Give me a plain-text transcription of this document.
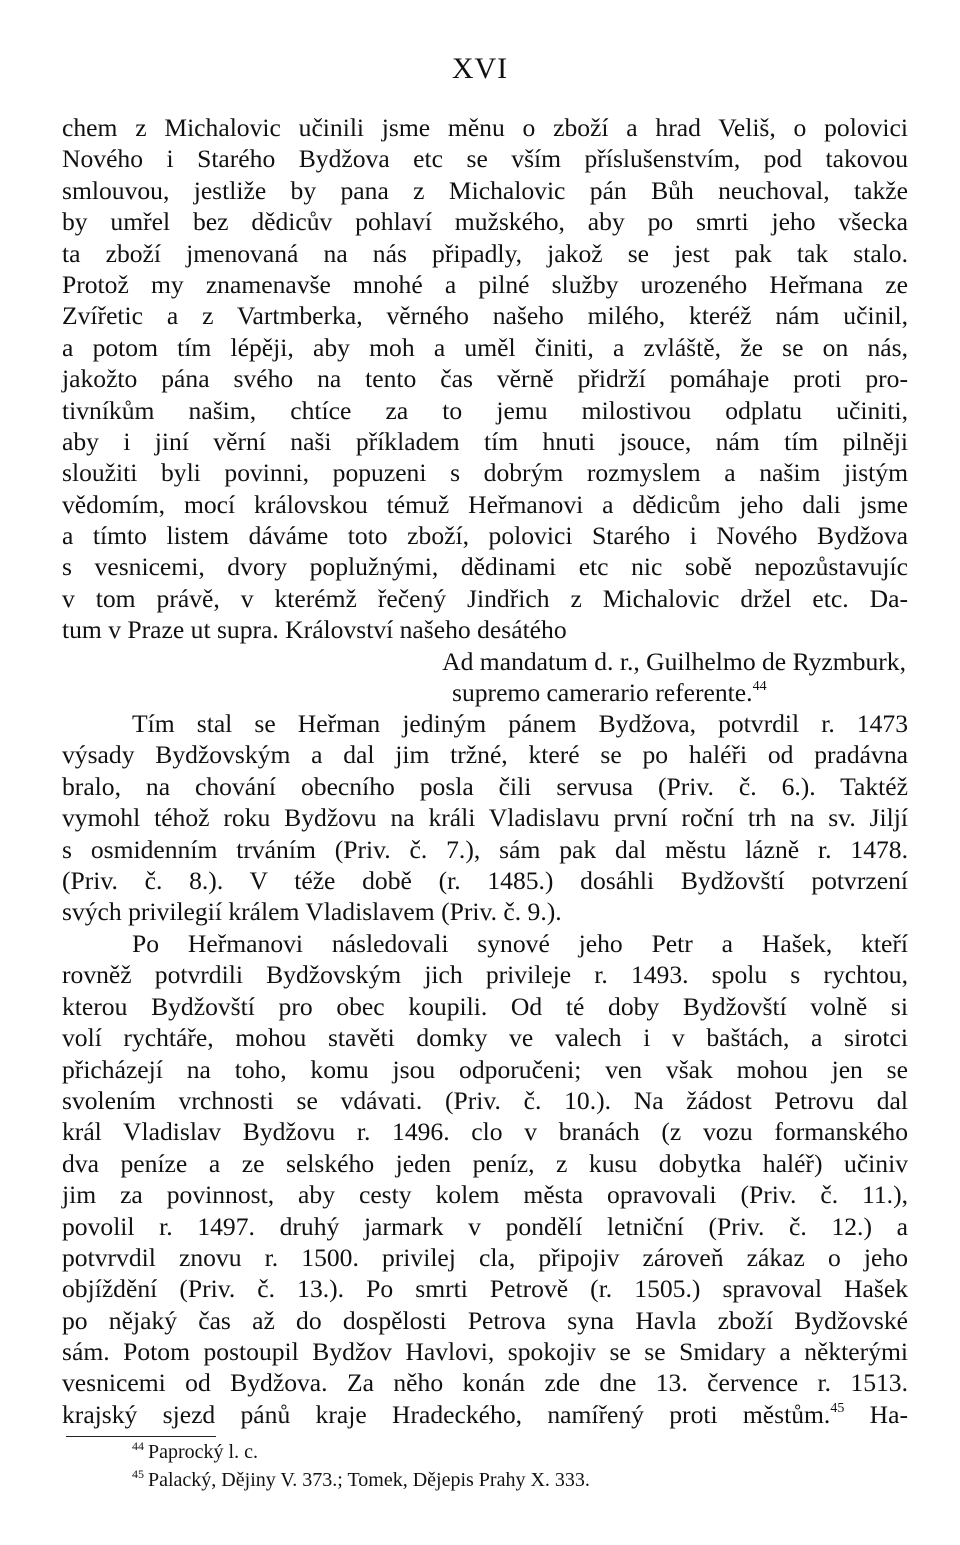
XVI
chem z Michalovic učinili jsme měnu o zboží a hrad Veliš, o polovici
Nového i Starého Bydžova etc se vším příslušenstvím, pod takovou
smlouvou, jestliže by pana z Michalovic pán Bůh neuchoval, takže
by umřel bez dědicův pohlaví mužského, aby po smrti jeho všecka
ta zboží jmenovaná na nás připadly, jakož se jest pak tak stalo.
Protož my znamenavše mnohé a pilné služby urozeného Heřmana ze
Zvířetic a z Vartmberka, věrného našeho milého, kteréž nám učinil,
a potom tím lépěji, aby moh a uměl činiti, a zvláště, že se on nás,
jakožto pána svého na tento čas věrně přidrží pomáhaje proti pro-
tivníkům našim, chtíce za to jemu milostivou odplatu učiniti,
aby i jiní věrní naši příkladem tím hnuti jsouce, nám tím pilněji
sloužiti byli povinni, popuzeni s dobrým rozmyslem a našim jistým
vědomím, mocí královskou témuž Heřmanovi a dědicům jeho dali jsme
a tímto listem dáváme toto zboží, polovici Starého i Nového Bydžova
s vesnicemi, dvory poplužnými, dědinami etc nic sobě nepozůstavujíc
v tom právě, v kterémž řečený Jindřich z Michalovic držel etc. Da-
tum v Praze ut supra. Království našeho desátého
Ad mandatum d. r., Guilhelmo de Ryzmburk,
supremo camerario referente.$^{44}$
Tím stal se Heřman jediným pánem Bydžova, potvrdil r. 1473
výsady Bydžovským a dal jim tržné, které se po haléři od pradávna
bralo, na chování obecního posla čili servusa (Priv. č. 6.). Taktéž
vymohl téhož roku Bydžovu na králi Vladislavu první roční trh na sv. Jiljí
s osmidenním trváním (Priv. č. 7.), sám pak dal městu lázně r. 1478.
(Priv. č. 8.). V téže době (r. 1485.) dosáhli Bydžovští potvrzení
svých privilegií králem Vladislavem (Priv. č. 9.).
Po Heřmanovi následovali synové jeho Petr a Hašek, kteří
rovněž potvrdili Bydžovským jich privileje r. 1493. spolu s rychtou,
kterou Bydžovští pro obec koupili. Od té doby Bydžovští volně si
volí rychtáře, mohou stavěti domky ve valech i v baštách, a sirotci
přicházejí na toho, komu jsou odporučeni; ven však mohou jen se
svolením vrchnosti se vdávati. (Priv. č. 10.). Na žádost Petrovu dal
král Vladislav Bydžovu r. 1496. clo v branách (z vozu formanského
dva peníze a ze selského jeden peníz, z kusu dobytka haléř) učiniv
jim za povinnost, aby cesty kolem města opravovali (Priv. č. 11.),
povolil r. 1497. druhý jarmark v pondělí letniční (Priv. č. 12.) a
potvrvdil znovu r. 1500. privilej cla, připojiv zároveň zákaz o jeho
objíždění (Priv. č. 13.). Po smrti Petrově (r. 1505.) spravoval Hašek
po nějaký čas až do dospělosti Petrova syna Havla zboží Bydžovské
sám. Potom postoupil Bydžov Havlovi, spokojiv se se Smidary a některými
vesnicemi od Bydžova. Za něho konán zde dne 13. července r. 1513.
krajský sjezd pánů kraje Hradeckého, namířený proti městům.$^{45}$ Ha-
$^{44}$ Paprocký l. c.
$^{45}$ Palacký, Dějiny V. 373.; Tomek, Dějepis Prahy X. 333.
